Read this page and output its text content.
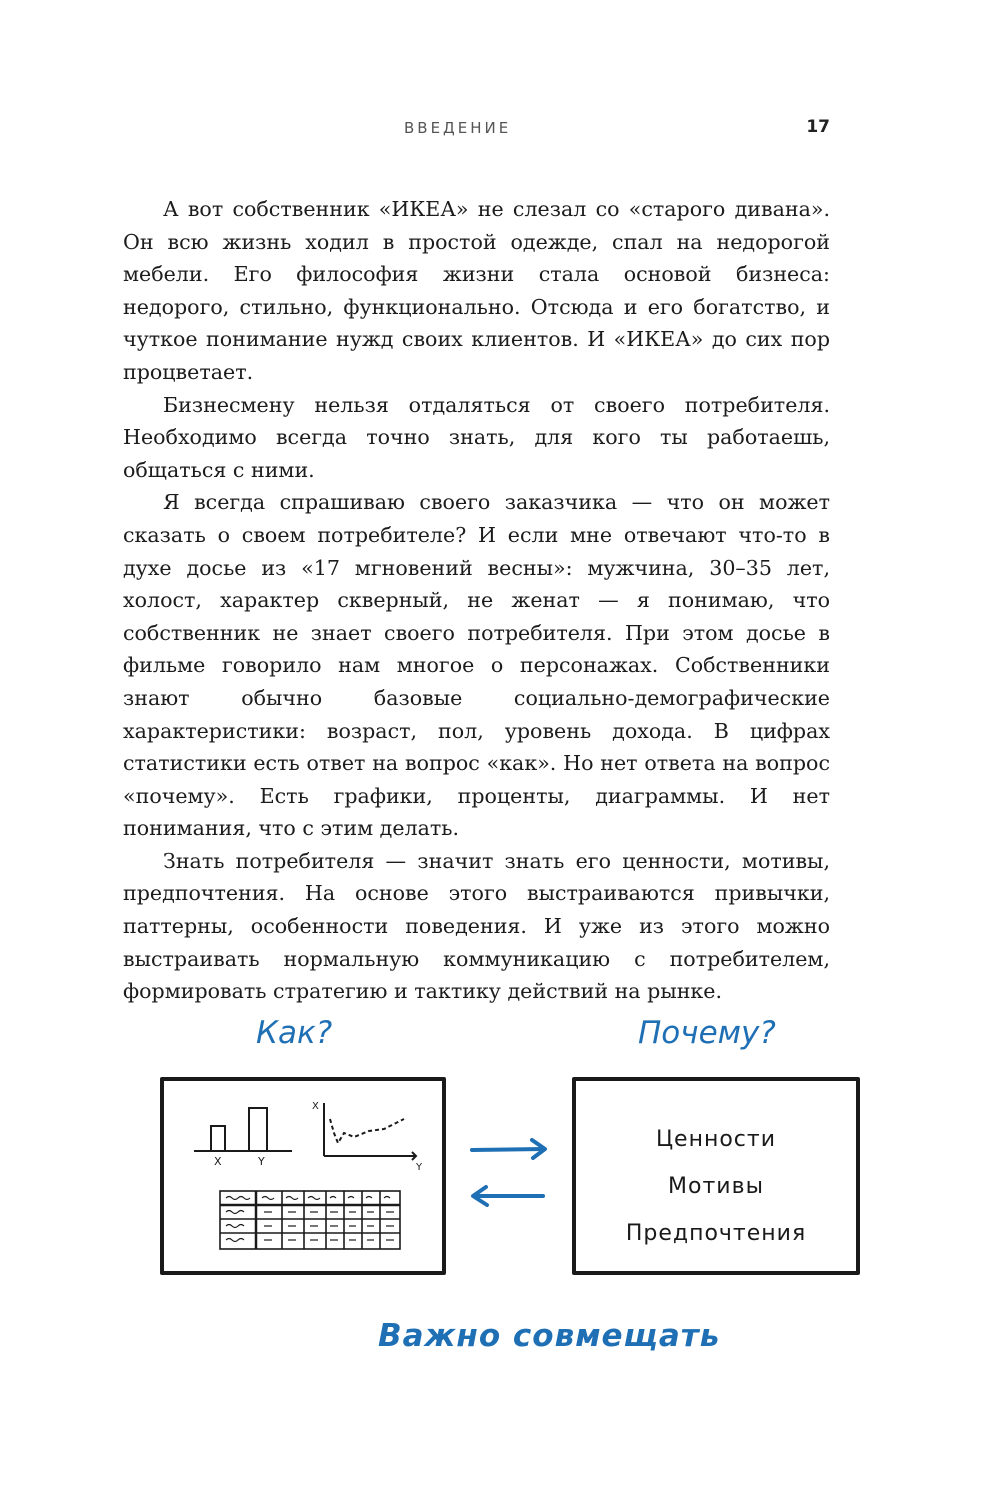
ВВЕДЕНИЕ	17

А вот собственник «ИКЕА» не слезал со «старого дивана». Он всю жизнь ходил в простой одежде, спал на недорогой мебели. Его философия жизни стала основой бизнеса: недорого, стильно, функционально. Отсюда и его богатство, и чуткое понимание нужд своих клиентов. И «ИКЕА» до сих пор процветает.

Бизнесмену нельзя отдаляться от своего потребителя. Необходимо всегда точно знать, для кого ты работаешь, общаться с ними.

Я всегда спрашиваю своего заказчика — что он может сказать о своем потребителе? И если мне отвечают что-то в духе досье из «17 мгновений весны»: мужчина, 30–35 лет, холост, характер скверный, не женат — я понимаю, что собственник не знает своего потребителя. При этом досье в фильме говорило нам многое о персонажах. Собственники знают обычно базовые социально-демографические характеристики: возраст, пол, уровень дохода. В цифрах статистики есть ответ на вопрос «как». Но нет ответа на вопрос «почему». Есть графики, проценты, диаграммы. И нет понимания, что с этим делать.

Знать потребителя — значит знать его ценности, мотивы, предпочтения. На основе этого выстраиваются привычки, паттерны, особенности поведения. И уже из этого можно выстраивать нормальную коммуникацию с потребителем, формировать стратегию и тактику действий на рынке.

Как?	Почему?
X	Y
X
Y
Ценности
Мотивы
Предпочтения
Важно совмещать
